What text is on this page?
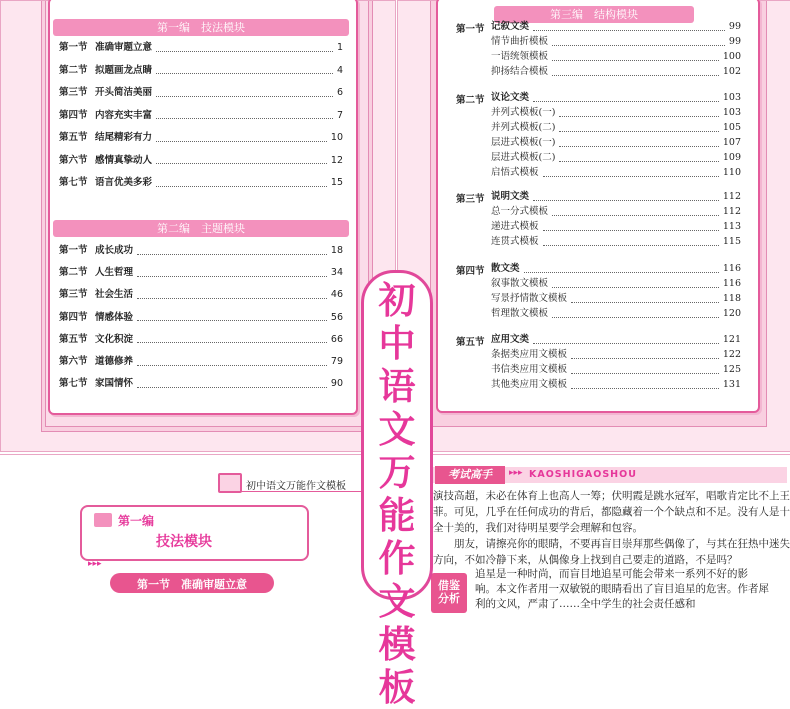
第一编　技法模块
第一节 准确审题立意	1
第二节 拟题画龙点睛	4
第三节 开头简洁美丽	6
第四节 内容充实丰富	7
第五节 结尾精彩有力	10
第六节 感情真挚动人	12
第七节 语言优美多彩	15
第二编　主题模块
第一节 成长成功	18
第二节 人生哲理	34
第三节 社会生活	46
第四节 情感体验	56
第五节 文化积淀	66
第六节 道德修养	79
第七节 家国情怀	90
第三编　结构模块
第一节 记叙文类	99
情节曲折模板	99
一语统领模板	100
抑扬结合模板	102
第二节 议论文类	103
并列式模板(一)	103
并列式模板(二)	105
层进式模板(一)	107
层进式模板(二)	109
启悟式模板	110
第三节 说明文类	112
总一分式模板	112
递进式模板	113
连贯式模板	115
第四节 散文类	116
叙事散文模板	116
写景抒情散文模板	118
哲理散文模板	120
第五节 应用文类	121
条据类应用文模板	122
书信类应用文模板	125
其他类应用文模板	131
初中语文万能作文模板
第一编
技法模块
▸▸▸
第一节　准确审题立意
考试高手	KAOSHIGAOSHOU
▸▸▸
演技高超，未必在体育上也高人一筹；伏明霞是跳水冠军，唱歌肯定比不上王
菲。可见，几乎在任何成功的背后，都隐藏着一个个缺点和不足。没有人是十
全十美的，我们对待明星要学会理解和包容。
　　朋友，请擦亮你的眼睛，不要再盲目崇拜那些偶像了，与其在狂热中迷失
方向，不如冷静下来，从偶像身上找到自己要走的道路，不是吗？
借鉴
分析
追星是一种时尚，而盲目地追星可能会带来一系列不好的影
响。本文作者用一双敏锐的眼睛看出了盲目追星的危害。作者犀
利的文风，严肃了……全中学生的社会责任感和
初
中
语
文
万
能
作
文
模
板
